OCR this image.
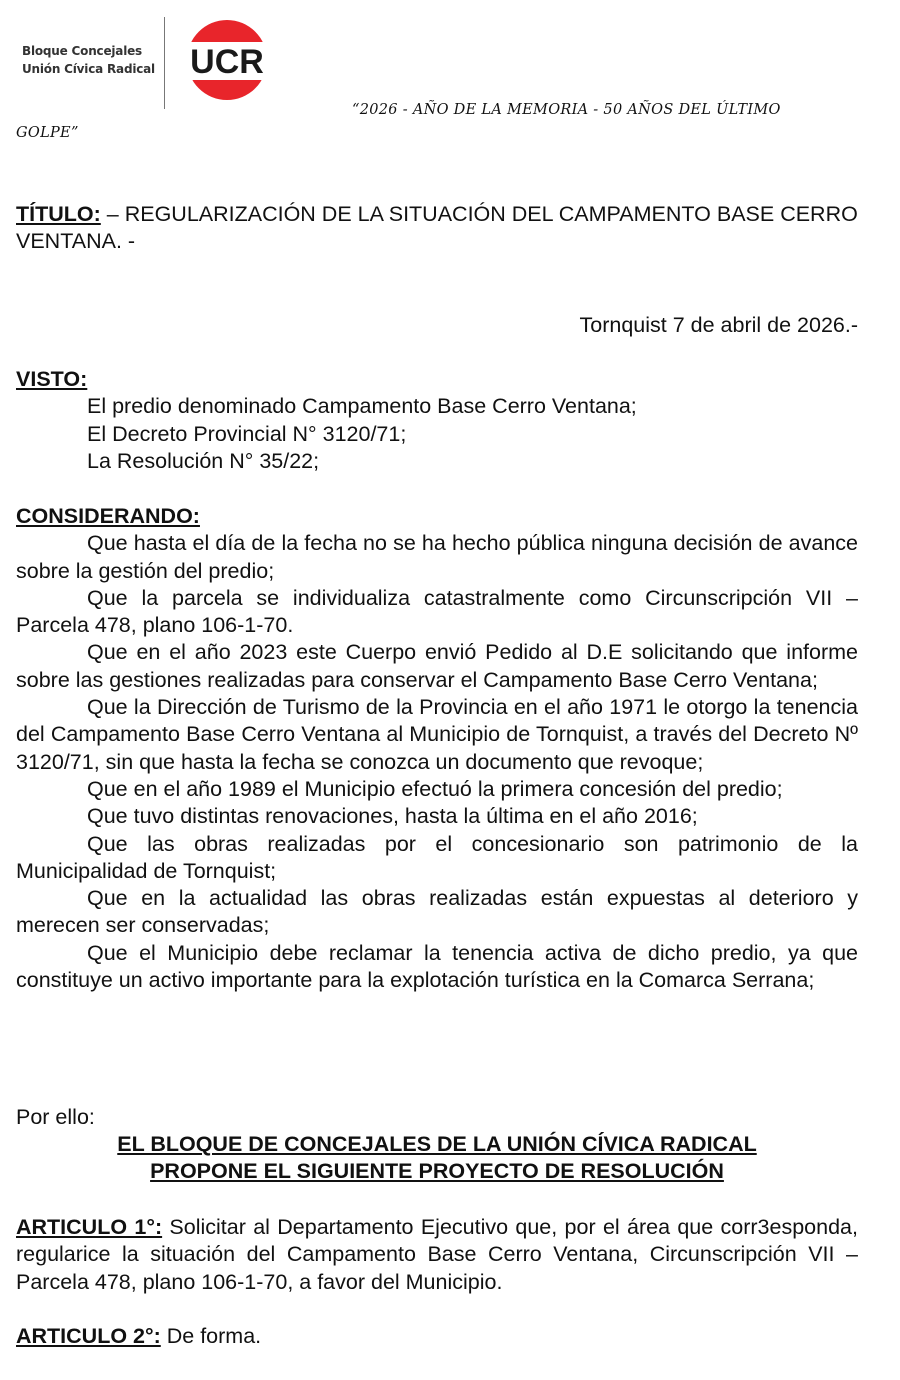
Bloque Concejales
Unión Cívica Radical UCR
“2026 - AÑO DE LA MEMORIA - 50 AÑOS DEL ÚLTIMO
GOLPE”
TÍTULO: – REGULARIZACIÓN DE LA SITUACIÓN DEL CAMPAMENTO BASE CERRO VENTANA. -
Tornquist 7 de abril de 2026.-
VISTO:
El predio denominado Campamento Base Cerro Ventana;
El Decreto Provincial N° 3120/71;
La Resolución N° 35/22;
CONSIDERANDO:

Que hasta el día de la fecha no se ha hecho pública ninguna decisión de avance sobre la gestión del predio;

Que la parcela se individualiza catastralmente como Circunscripción VII – Parcela 478, plano 106-1-70.

Que en el año 2023 este Cuerpo envió Pedido al D.E solicitando que informe sobre las gestiones realizadas para conservar el Campamento Base Cerro Ventana;

Que la Dirección de Turismo de la Provincia en el año 1971 le otorgo la tenencia del Campamento Base Cerro Ventana al Municipio de Tornquist, a través del Decreto Nº 3120/71, sin que hasta la fecha se conozca un documento que revoque;

Que en el año 1989 el Municipio efectuó la primera concesión del predio;

Que tuvo distintas renovaciones, hasta la última en el año 2016;

Que las obras realizadas por el concesionario son patrimonio de la Municipalidad de Tornquist;

Que en la actualidad las obras realizadas están expuestas al deterioro y merecen ser conservadas;

Que el Municipio debe reclamar la tenencia activa de dicho predio, ya que constituye un activo importante para la explotación turística en la Comarca Serrana;

Por ello:
EL BLOQUE DE CONCEJALES DE LA UNIÓN CÍVICA RADICAL
PROPONE EL SIGUIENTE PROYECTO DE RESOLUCIÓN
ARTICULO 1°: Solicitar al Departamento Ejecutivo que, por el área que corr3esponda, regularice la situación del Campamento Base Cerro Ventana, Circunscripción VII –Parcela 478, plano 106-1-70, a favor del Municipio.
ARTICULO 2°: De forma.
